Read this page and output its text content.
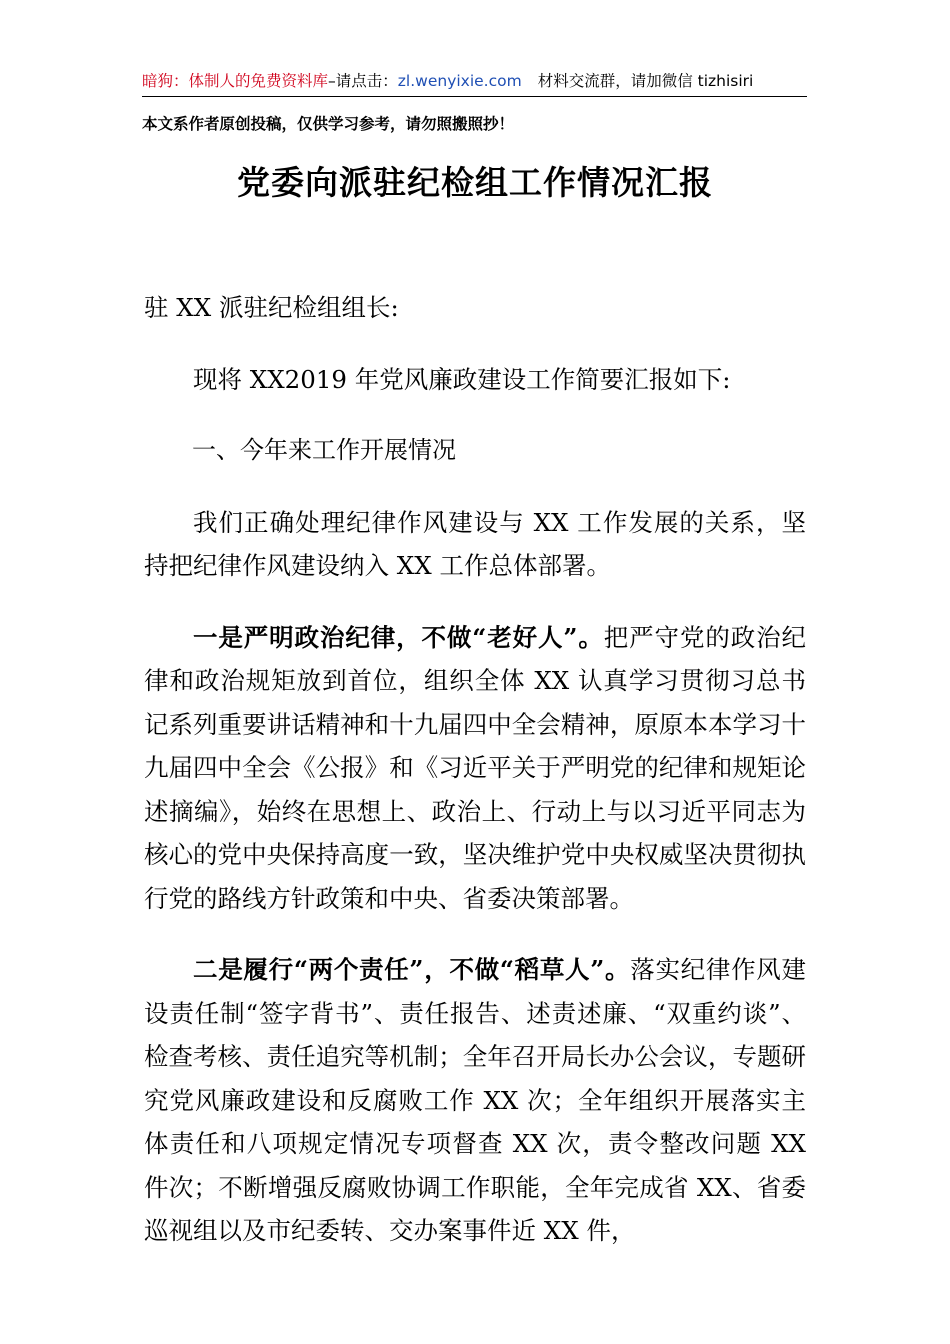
暗狗：体制人的免费资料库–请点击：zl.wenyixie.com 材料交流群，请加微信 tizhisiri
本文系作者原创投稿，仅供学习参考，请勿照搬照抄！
党委向派驻纪检组工作情况汇报

驻 XX 派驻纪检组组长:

现将 XX2019 年党风廉政建设工作简要汇报如下:

一、今年来工作开展情况

我们正确处理纪律作风建设与 XX 工作发展的关系，坚持把纪律作风建设纳入 XX 工作总体部署。

一是严明政治纪律，不做“老好人”。把严守党的政治纪律和政治规矩放到首位，组织全体 XX 认真学习贯彻习总书记系列重要讲话精神和十九届四中全会精神，原原本本学习十九届四中全会《公报》和《习近平关于严明党的纪律和规矩论述摘编》，始终在思想上、政治上、行动上与以习近平同志为核心的党中央保持高度一致，坚决维护党中央权威坚决贯彻执行党的路线方针政策和中央、省委决策部署。

二是履行“两个责任”，不做“稻草人”。落实纪律作风建设责任制“签字背书”、责任报告、述责述廉、“双重约谈”、检查考核、责任追究等机制；全年召开局长办公会议，专题研究党风廉政建设和反腐败工作 XX 次；全年组织开展落实主体责任和八项规定情况专项督查 XX 次，责令整改问题 XX 件次；不断增强反腐败协调工作职能，全年完成省 XX、省委巡视组以及市纪委转、交办案事件近 XX 件，
